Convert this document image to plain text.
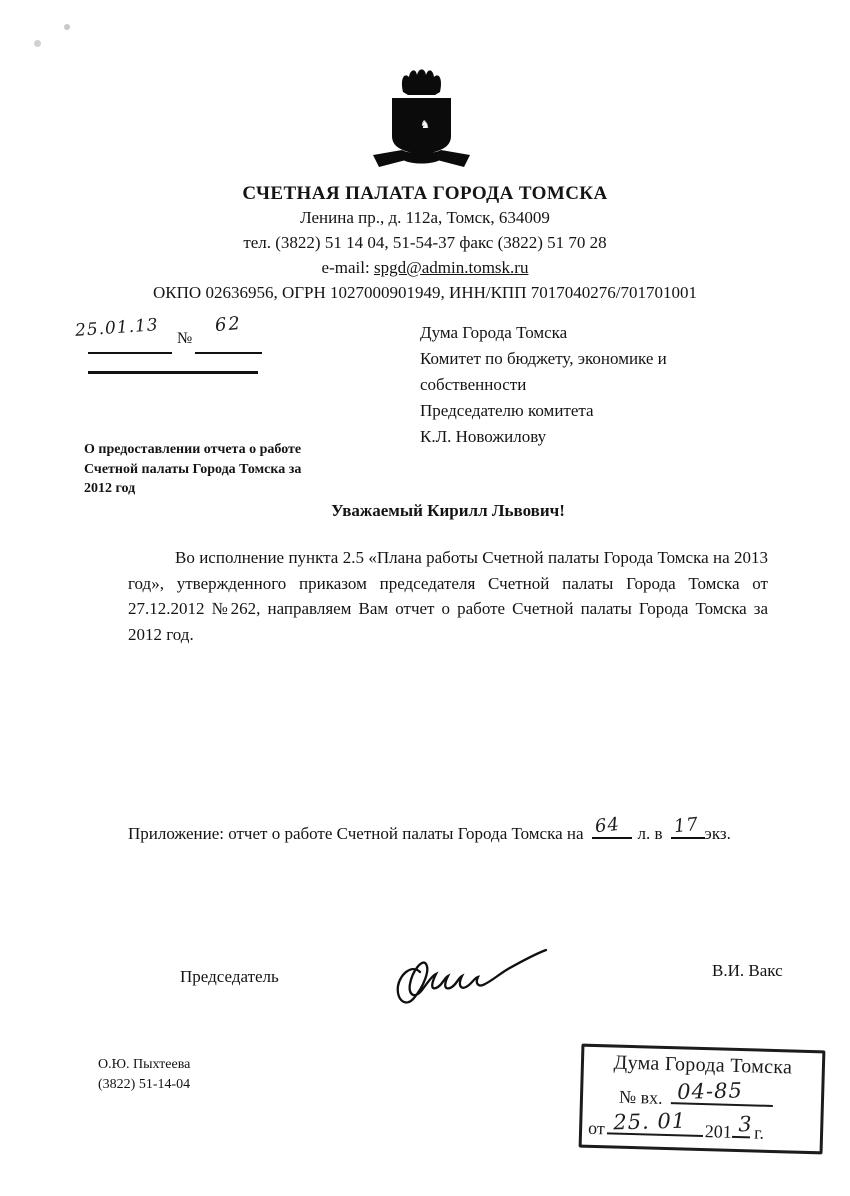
♞
СЧЕТНАЯ ПАЛАТА ГОРОДА ТОМСКА
Ленина пр., д. 112а, Томск, 634009
тел. (3822) 51 14 04, 51-54-37 факс (3822) 51 70 28
e-mail: spgd@admin.tomsk.ru
ОКПО 02636956, ОГРН 1027000901949, ИНН/КПП 7017040276/701701001
25.01.13 №
62	Дума Города Томска
Комитет по бюджету, экономике и
собственности
Председателю комитета
К.Л. Новожилову
О предоставлении отчета о работе
Счетной палаты Города Томска за
2012 год
Уважаемый Кирилл Львович!
Во исполнение пункта 2.5 «Плана работы Счетной палаты Города Томска на 2013 год», утвержденного приказом председателя Счетной палаты Города Томска от 27.12.2012 №262, направляем Вам отчет о работе Счетной палаты Города Томска за 2012 год.
Приложение: отчет о работе Счетной палаты Города Томска на 64 л. в 17 экз.
Председатель	В.И. Вакс
О.Ю. Пыхтеева
(3822) 51-14-04
Дума Города Томска
№ вх. 04-85
от 25. 01 201 3 г.
